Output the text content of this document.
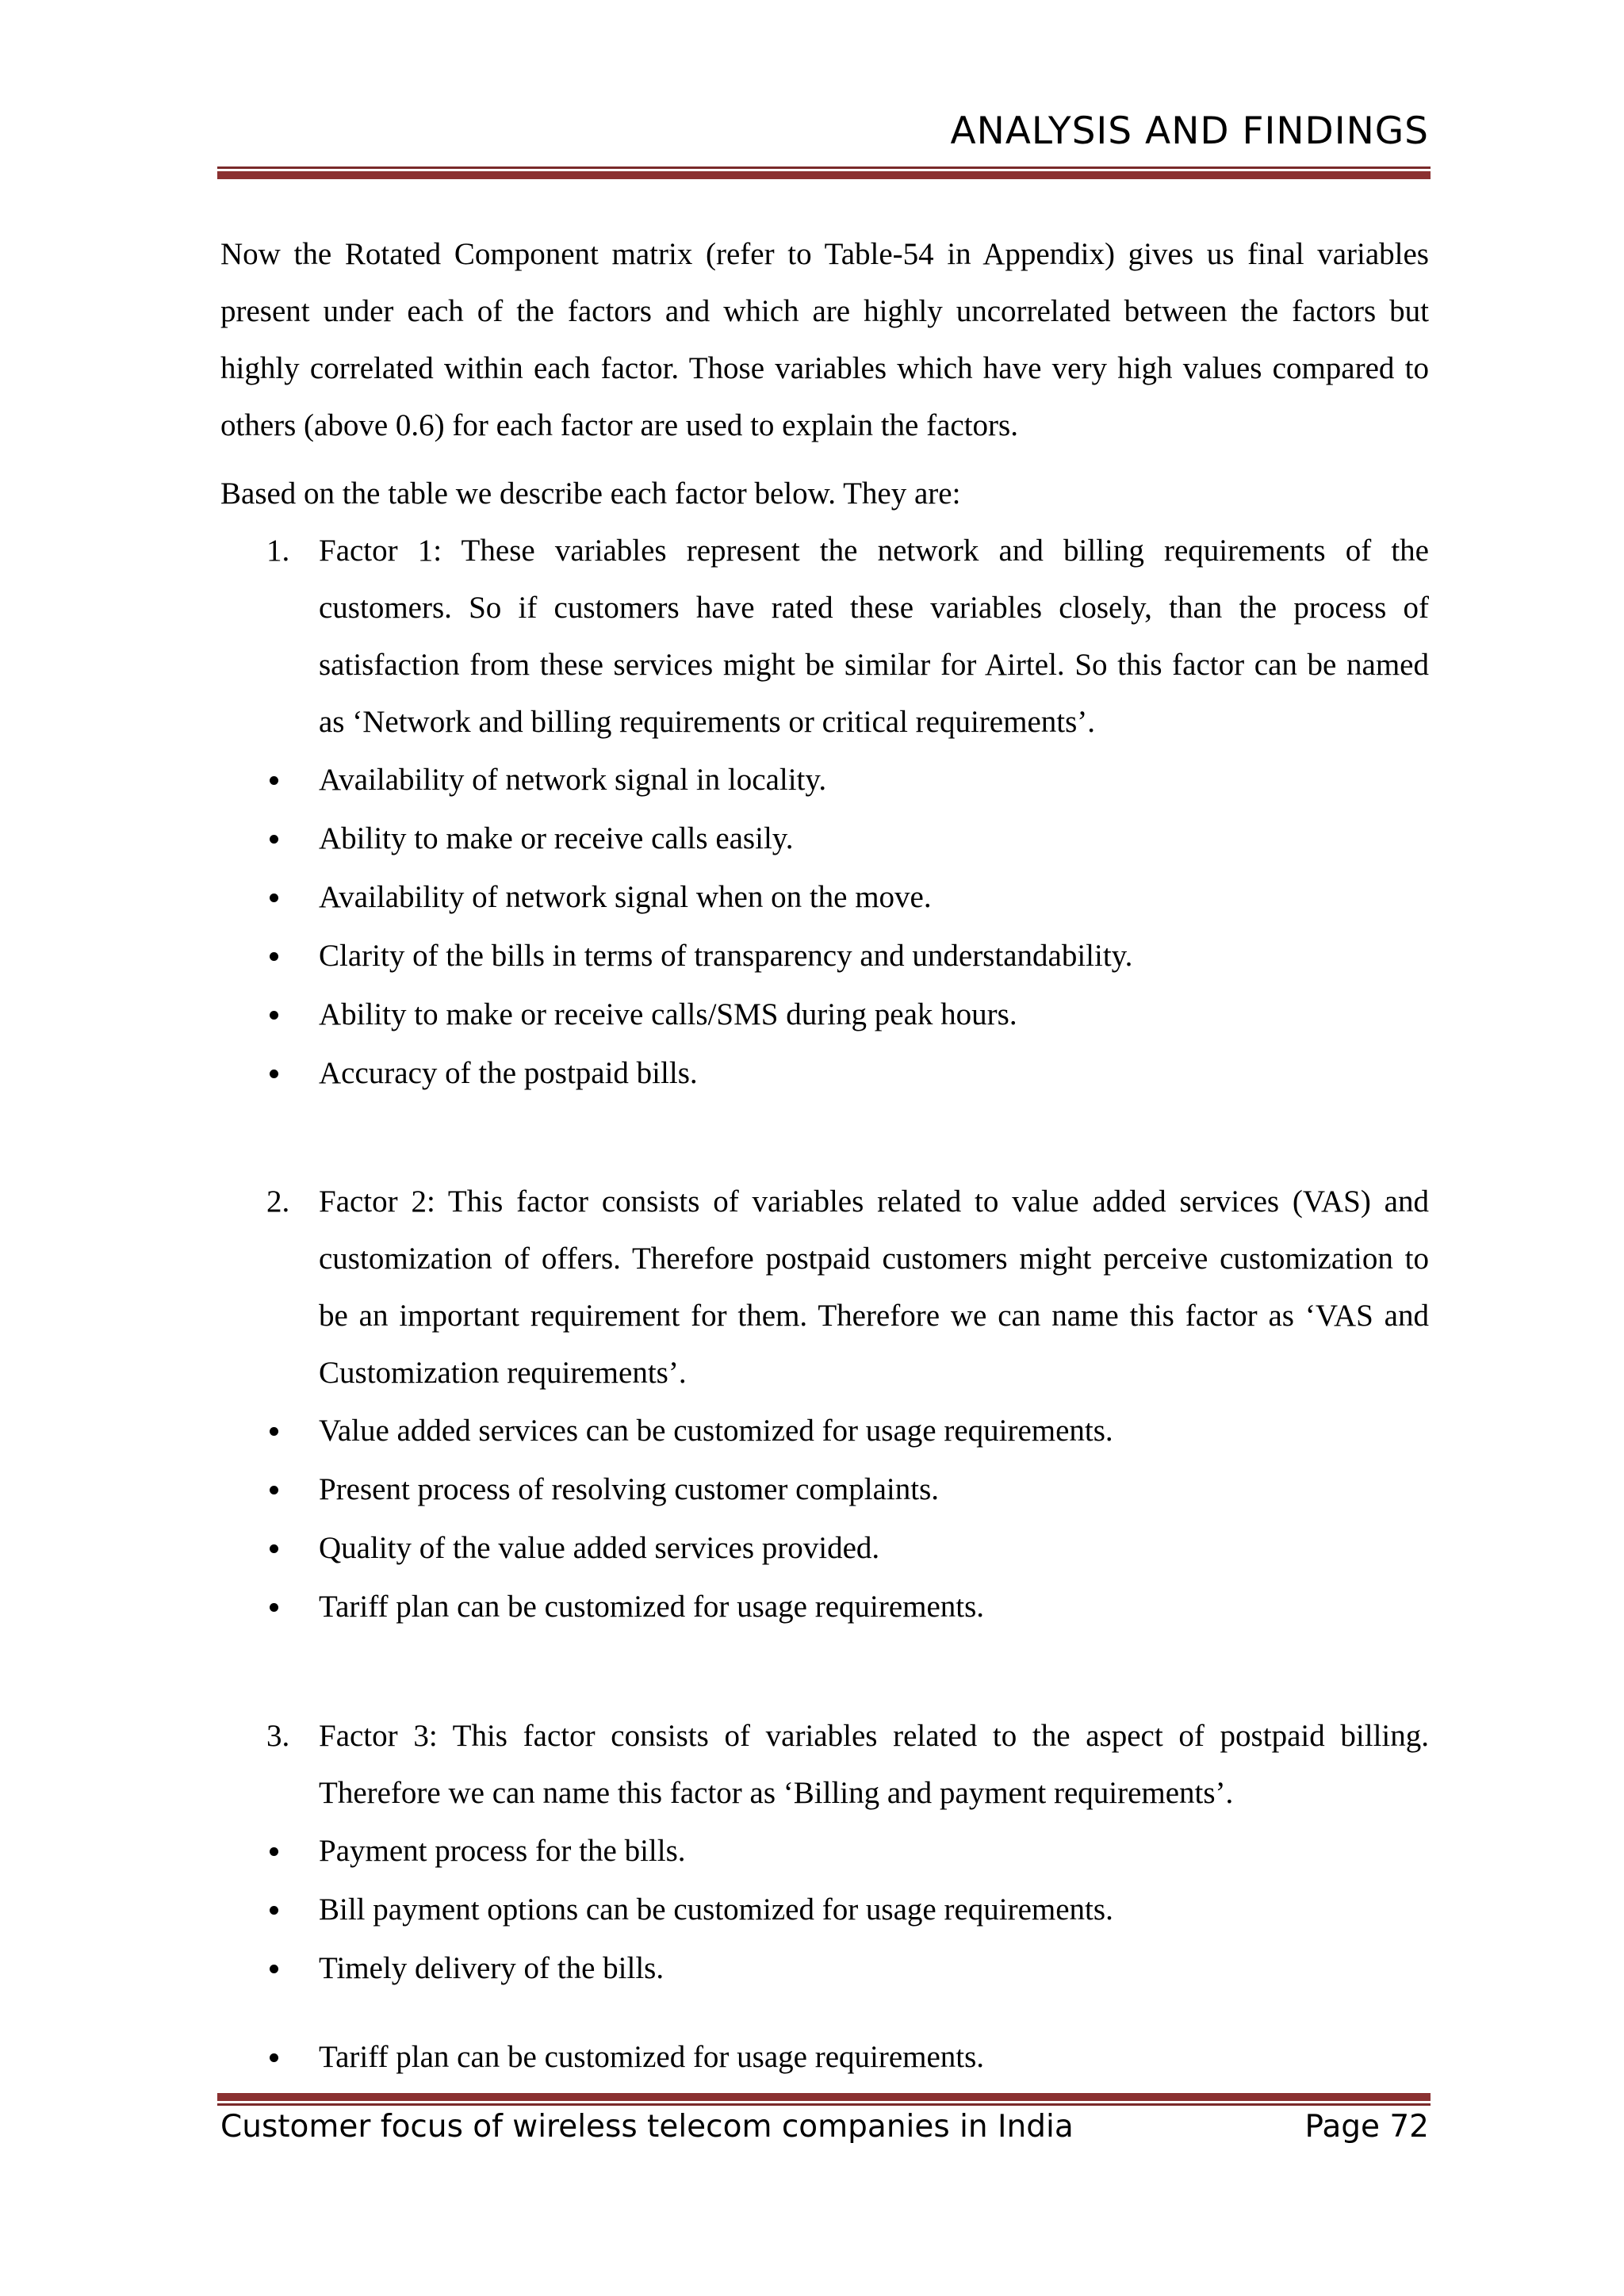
ANALYSIS AND FINDINGS

Now the Rotated Component matrix (refer to Table-54 in Appendix) gives us final variables present under each of the factors and which are highly uncorrelated between the factors but highly correlated within each factor. Those variables which have very high values compared to others (above 0.6) for each factor are used to explain the factors.

Based on the table we describe each factor below. They are:

1. Factor 1: These variables represent the network and billing requirements of the customers. So if customers have rated these variables closely, than the process of satisfaction from these services might be similar for Airtel. So this factor can be named as ‘Network and billing requirements or critical requirements’.
Availability of network signal in locality.
Ability to make or receive calls easily.
Availability of network signal when on the move.
Clarity of the bills in terms of transparency and understandability.
Ability to make or receive calls/SMS during peak hours.
Accuracy of the postpaid bills.
2. Factor 2: This factor consists of variables related to value added services (VAS) and customization of offers. Therefore postpaid customers might perceive customization to be an important requirement for them. Therefore we can name this factor as ‘VAS and Customization requirements’.
Value added services can be customized for usage requirements.
Present process of resolving customer complaints.
Quality of the value added services provided.
Tariff plan can be customized for usage requirements.
3. Factor 3: This factor consists of variables related to the aspect of postpaid billing. Therefore we can name this factor as ‘Billing and payment requirements’.
Payment process for the bills.
Bill payment options can be customized for usage requirements.
Timely delivery of the bills.
Tariff plan can be customized for usage requirements.
Customer focus of wireless telecom companies in India	Page 72
